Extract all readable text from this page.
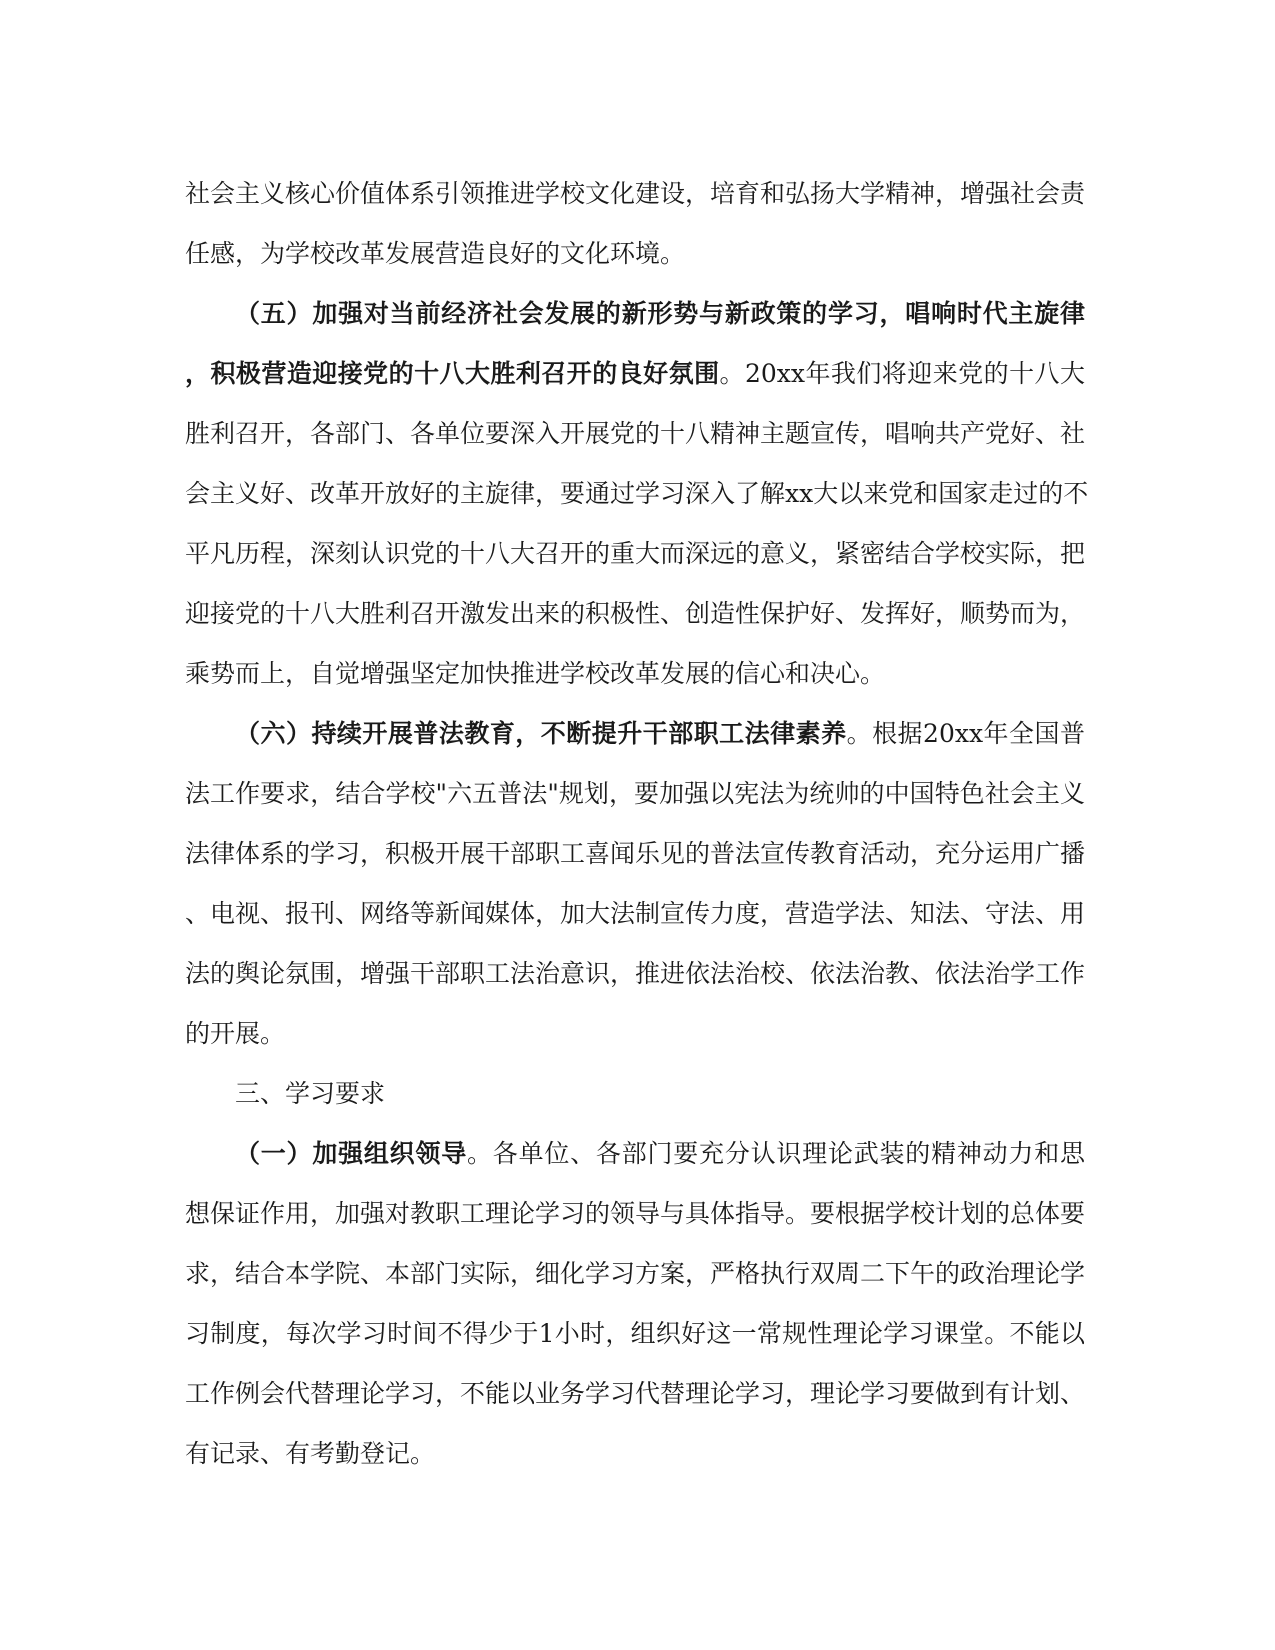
社会主义核心价值体系引领推进学校文化建设，培育和弘扬大学精神，增强社会责
任感，为学校改革发展营造良好的文化环境。
（五）加强对当前经济社会发展的新形势与新政策的学习，唱响时代主旋律
，积极营造迎接党的十八大胜利召开的良好氛围。20xx年我们将迎来党的十八大
胜利召开，各部门、各单位要深入开展党的十八精神主题宣传，唱响共产党好、社
会主义好、改革开放好的主旋律，要通过学习深入了解xx大以来党和国家走过的不
平凡历程，深刻认识党的十八大召开的重大而深远的意义，紧密结合学校实际，把
迎接党的十八大胜利召开激发出来的积极性、创造性保护好、发挥好，顺势而为，
乘势而上，自觉增强坚定加快推进学校改革发展的信心和决心。
（六）持续开展普法教育，不断提升干部职工法律素养。根据20xx年全国普
法工作要求，结合学校"六五普法"规划，要加强以宪法为统帅的中国特色社会主义
法律体系的学习，积极开展干部职工喜闻乐见的普法宣传教育活动，充分运用广播
、电视、报刊、网络等新闻媒体，加大法制宣传力度，营造学法、知法、守法、用
法的舆论氛围，增强干部职工法治意识，推进依法治校、依法治教、依法治学工作
的开展。
三、学习要求
（一）加强组织领导。各单位、各部门要充分认识理论武装的精神动力和思
想保证作用，加强对教职工理论学习的领导与具体指导。要根据学校计划的总体要
求，结合本学院、本部门实际，细化学习方案，严格执行双周二下午的政治理论学
习制度，每次学习时间不得少于1小时，组织好这一常规性理论学习课堂。不能以
工作例会代替理论学习，不能以业务学习代替理论学习，理论学习要做到有计划、
有记录、有考勤登记。
